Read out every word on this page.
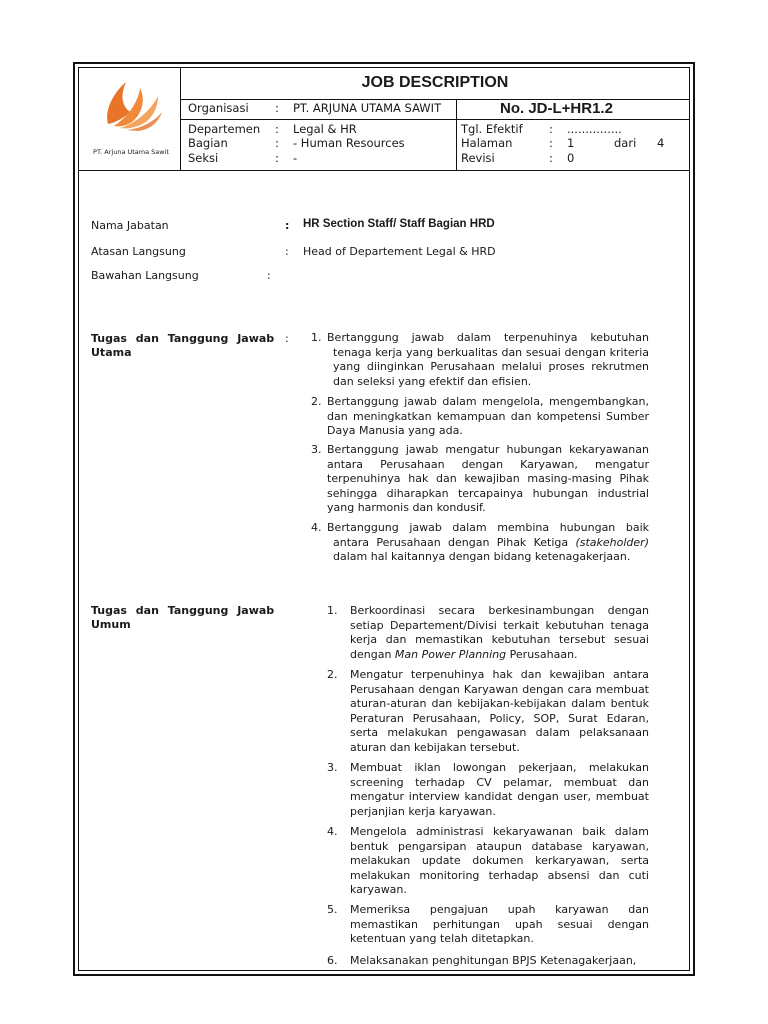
PT. Arjuna Utama Sawit
JOB DESCRIPTION
Organisasi : PT. ARJUNA UTAMA SAWIT	No. JD-L+HR1.2
Departemen : Legal & HR
Bagian	: - Human Resources
Seksi	: -
Tgl. Efektif : ...............
Halaman	: 1	dari 4
Revisi	: 0
Nama Jabatan	: HR Section Staff/ Staff Bagian HRD
Atasan Langsung	: Head of Departement Legal & HRD
Bawahan Langsung	:
Tugas dan Tanggung Jawab
Utama
: 1. Bertanggung jawab dalam terpenuhinya kebutuhan tenaga kerja yang berkualitas dan sesuai dengan kriteria yang diinginkan Perusahaan melalui proses rekrutmen dan seleksi yang efektif dan efisien.
2. Bertanggung jawab dalam mengelola, mengembangkan, dan meningkatkan kemampuan dan kompetensi Sumber Daya Manusia yang ada.
3. Bertanggung jawab mengatur hubungan kekaryawanan antara Perusahaan dengan Karyawan, mengatur terpenuhinya hak dan kewajiban masing-masing Pihak sehingga diharapkan tercapainya hubungan industrial yang harmonis dan kondusif.
4. Bertanggung jawab dalam membina hubungan baik antara Perusahaan dengan Pihak Ketiga (stakeholder) dalam hal kaitannya dengan bidang ketenagakerjaan.
Tugas dan Tanggung Jawab
Umum
1. Berkoordinasi secara berkesinambungan dengan setiap Departement/Divisi terkait kebutuhan tenaga kerja dan memastikan kebutuhan tersebut sesuai dengan Man Power Planning Perusahaan.
2. Mengatur terpenuhinya hak dan kewajiban antara Perusahaan dengan Karyawan dengan cara membuat aturan-aturan dan kebijakan-kebijakan dalam bentuk Peraturan Perusahaan, Policy, SOP, Surat Edaran, serta melakukan pengawasan dalam pelaksanaan aturan dan kebijakan tersebut.
3. Membuat iklan lowongan pekerjaan, melakukan screening terhadap CV pelamar, membuat dan mengatur interview kandidat dengan user, membuat perjanjian kerja karyawan.
4. Mengelola administrasi kekaryawanan baik dalam bentuk pengarsipan ataupun database karyawan, melakukan update dokumen kerkaryawan, serta melakukan monitoring terhadap absensi dan cuti karyawan.
5. Memeriksa pengajuan upah karyawan dan memastikan perhitungan upah sesuai dengan ketentuan yang telah ditetapkan.
6. Melaksanakan penghitungan BPJS Ketenagakerjaan,
